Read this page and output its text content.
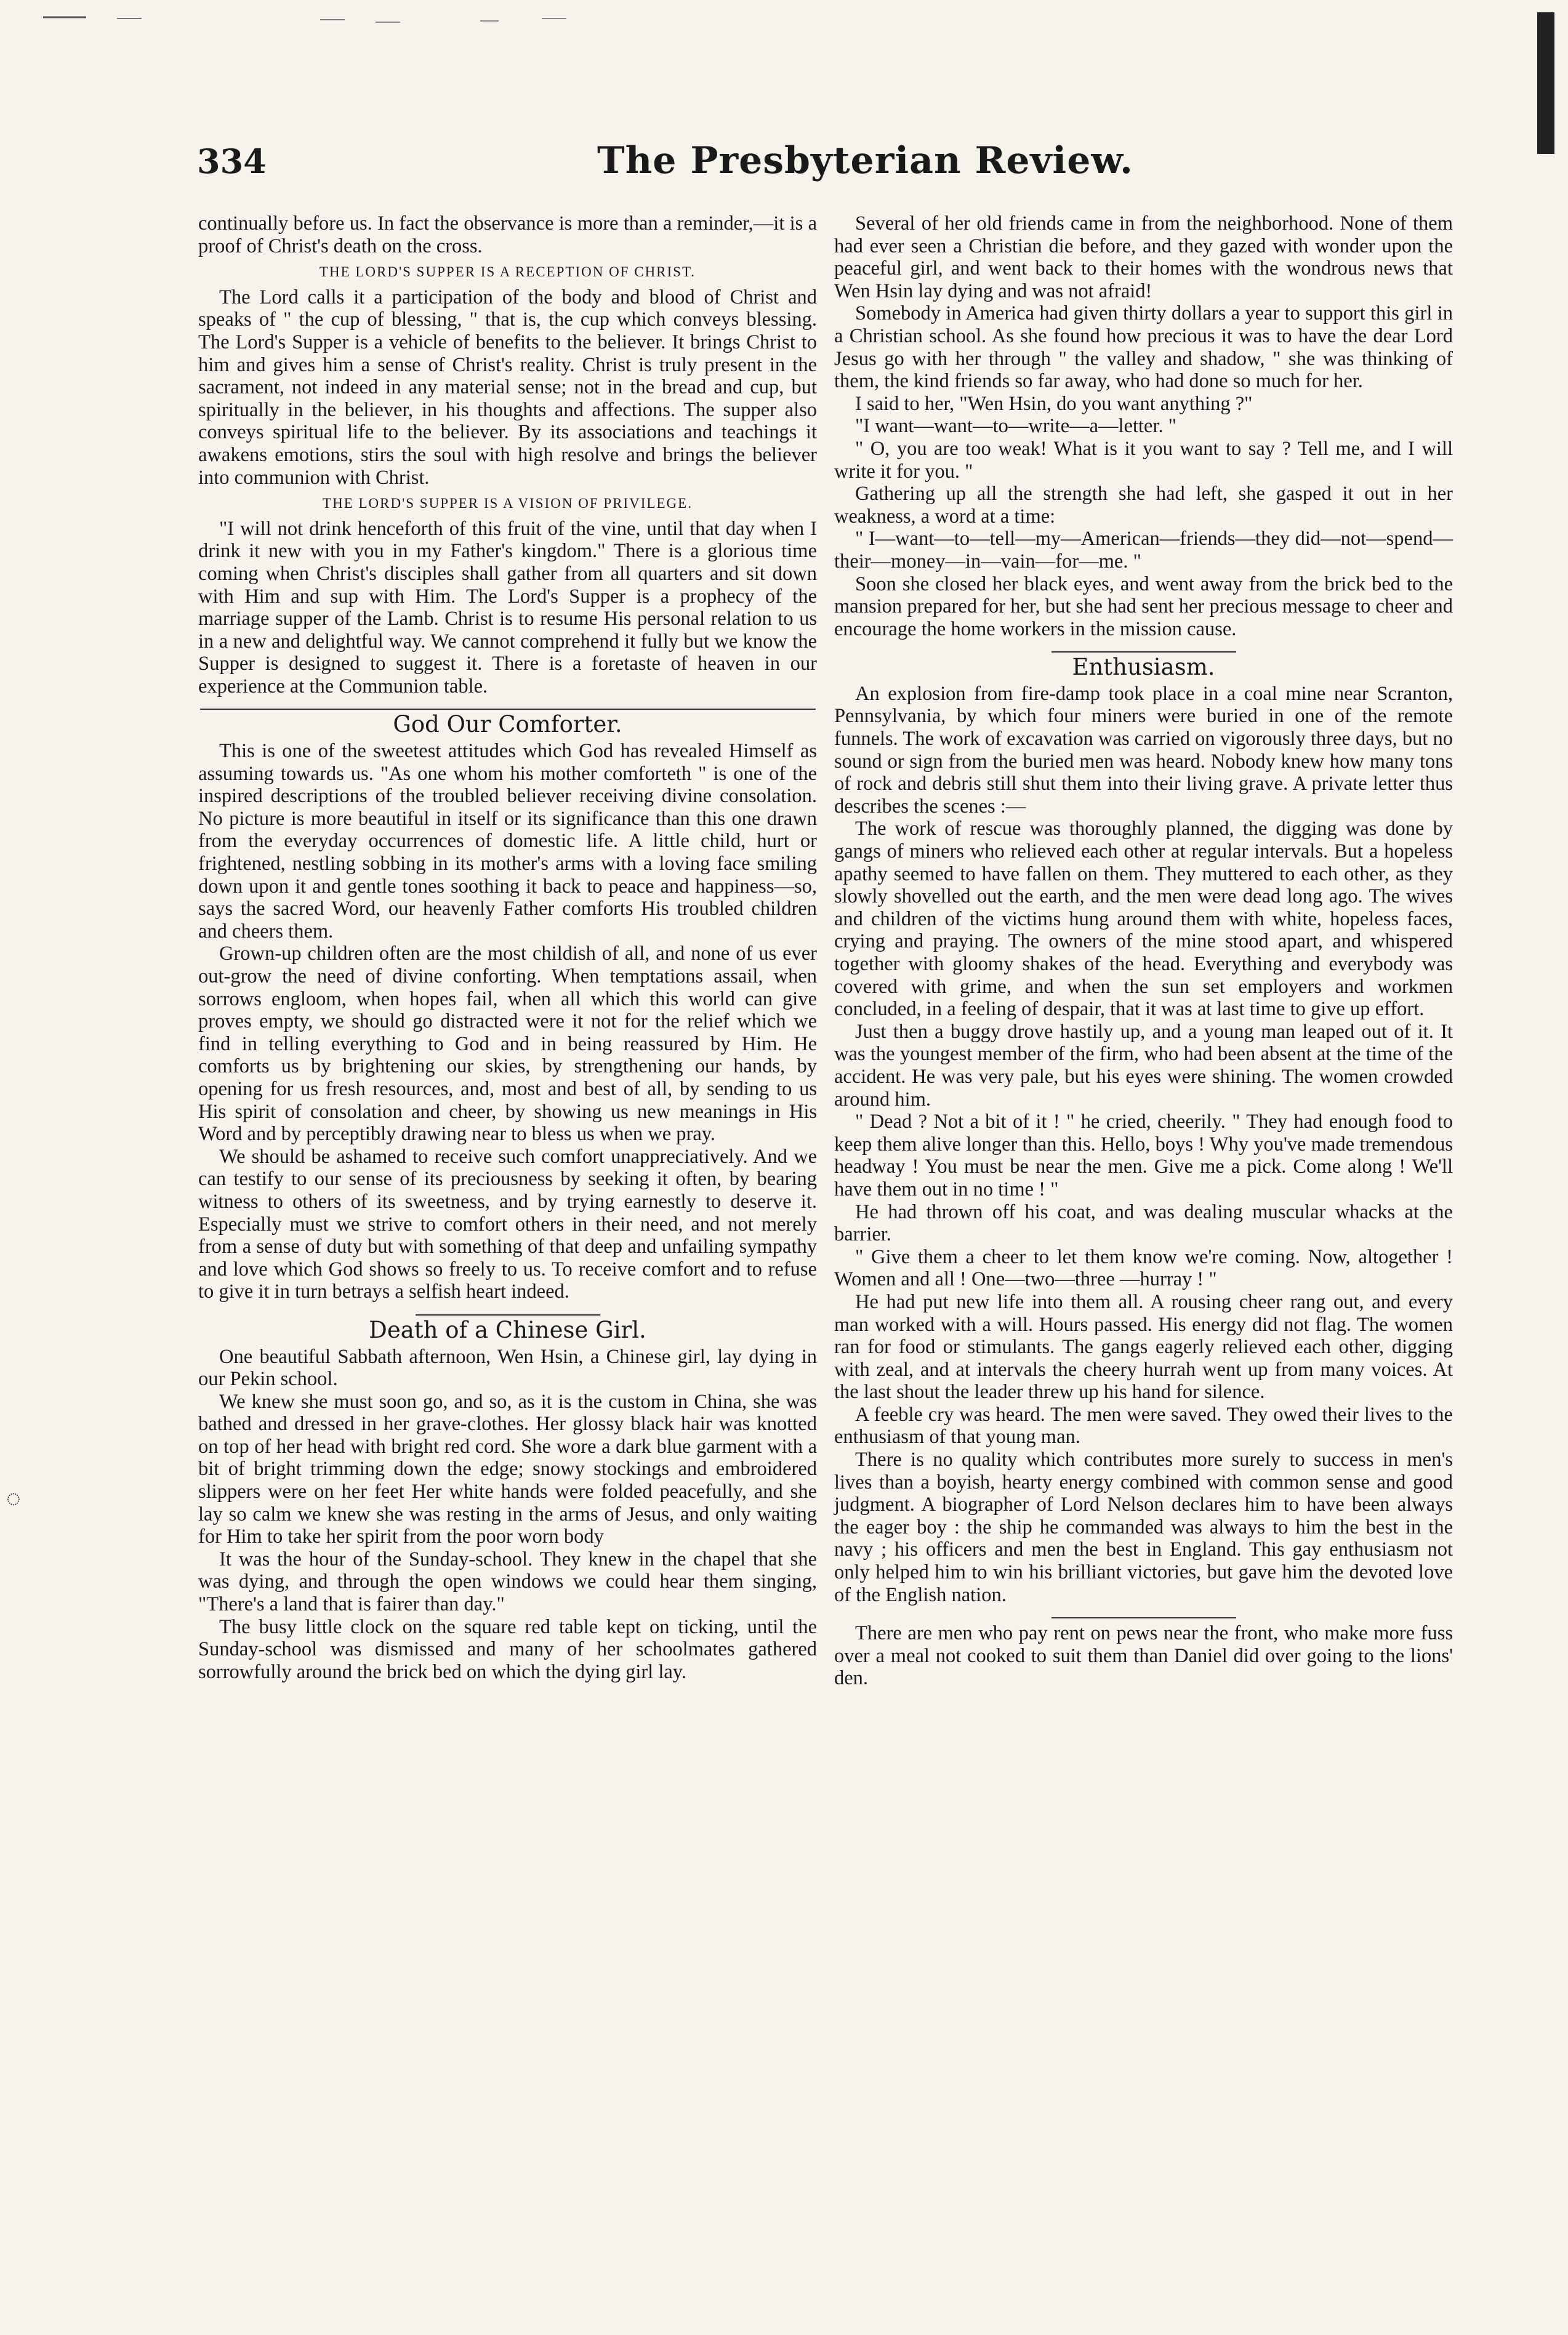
◌
334	The Presbyterian Review.

continually before us. In fact the observance is more than a reminder,—it is a proof of Christ's death on the cross.

THE LORD'S SUPPER IS A RECEPTION OF CHRIST.

The Lord calls it a participation of the body and blood of Christ and speaks of " the cup of blessing, " that is, the cup which conveys blessing. The Lord's Supper is a vehicle of benefits to the believer. It brings Christ to him and gives him a sense of Christ's reality. Christ is truly present in the sacrament, not indeed in any material sense; not in the bread and cup, but spiritually in the believer, in his thoughts and affections. The supper also conveys spiritual life to the believer. By its associations and teachings it awakens emotions, stirs the soul with high resolve and brings the believer into communion with Christ.

THE LORD'S SUPPER IS A VISION OF PRIVILEGE.

"I will not drink henceforth of this fruit of the vine, until that day when I drink it new with you in my Father's kingdom." There is a glorious time coming when Christ's disciples shall gather from all quarters and sit down with Him and sup with Him. The Lord's Supper is a prophecy of the marriage supper of the Lamb. Christ is to resume His personal relation to us in a new and delightful way. We cannot comprehend it fully but we know the Supper is designed to suggest it. There is a foretaste of heaven in our experience at the Communion table.

God Our Comforter.

This is one of the sweetest attitudes which God has revealed Himself as assuming towards us. "As one whom his mother comforteth " is one of the inspired descriptions of the troubled believer receiving divine consolation. No picture is more beautiful in itself or its significance than this one drawn from the everyday occurrences of domestic life. A little child, hurt or frightened, nestling sobbing in its mother's arms with a loving face smiling down upon it and gentle tones soothing it back to peace and happiness—so, says the sacred Word, our heavenly Father comforts His troubled children and cheers them.

Grown-up children often are the most childish of all, and none of us ever out-grow the need of divine conforting. When temptations assail, when sorrows engloom, when hopes fail, when all which this world can give proves empty, we should go distracted were it not for the relief which we find in telling everything to God and in being reassured by Him. He comforts us by brightening our skies, by strengthening our hands, by opening for us fresh resources, and, most and best of all, by sending to us His spirit of consolation and cheer, by showing us new meanings in His Word and by perceptibly drawing near to bless us when we pray.

We should be ashamed to receive such comfort unappreciatively. And we can testify to our sense of its preciousness by seeking it often, by bearing witness to others of its sweetness, and by trying earnestly to deserve it. Especially must we strive to comfort others in their need, and not merely from a sense of duty but with something of that deep and unfailing sympathy and love which God shows so freely to us. To receive comfort and to refuse to give it in turn betrays a selfish heart indeed.

Death of a Chinese Girl.

One beautiful Sabbath afternoon, Wen Hsin, a Chinese girl, lay dying in our Pekin school.

We knew she must soon go, and so, as it is the custom in China, she was bathed and dressed in her grave-clothes. Her glossy black hair was knotted on top of her head with bright red cord. She wore a dark blue garment with a bit of bright trimming down the edge; snowy stockings and embroidered slippers were on her feet Her white hands were folded peacefully, and she lay so calm we knew she was resting in the arms of Jesus, and only waiting for Him to take her spirit from the poor worn body

It was the hour of the Sunday-school. They knew in the chapel that she was dying, and through the open windows we could hear them singing, "There's a land that is fairer than day."

The busy little clock on the square red table kept on ticking, until the Sunday-school was dismissed and many of her schoolmates gathered sorrowfully around the brick bed on which the dying girl lay.

Several of her old friends came in from the neighborhood. None of them had ever seen a Christian die before, and they gazed with wonder upon the peaceful girl, and went back to their homes with the wondrous news that Wen Hsin lay dying and was not afraid!

Somebody in America had given thirty dollars a year to support this girl in a Christian school. As she found how precious it was to have the dear Lord Jesus go with her through " the valley and shadow, " she was thinking of them, the kind friends so far away, who had done so much for her.

I said to her, "Wen Hsin, do you want anything ?"

"I want—want—to—write—a—letter. "

" O, you are too weak! What is it you want to say ? Tell me, and I will write it for you. "

Gathering up all the strength she had left, she gasped it out in her weakness, a word at a time:

" I—want—to—tell—my—American—friends—they did—not—spend—their—money—in—vain—for—me. "

Soon she closed her black eyes, and went away from the brick bed to the mansion prepared for her, but she had sent her precious message to cheer and encourage the home workers in the mission cause.

Enthusiasm.

An explosion from fire-damp took place in a coal mine near Scranton, Pennsylvania, by which four miners were buried in one of the remote funnels. The work of excavation was carried on vigorously three days, but no sound or sign from the buried men was heard. Nobody knew how many tons of rock and debris still shut them into their living grave. A private letter thus describes the scenes :—

The work of rescue was thoroughly planned, the digging was done by gangs of miners who relieved each other at regular intervals. But a hopeless apathy seemed to have fallen on them. They muttered to each other, as they slowly shovelled out the earth, and the men were dead long ago. The wives and children of the victims hung around them with white, hopeless faces, crying and praying. The owners of the mine stood apart, and whispered together with gloomy shakes of the head. Everything and everybody was covered with grime, and when the sun set employers and workmen concluded, in a feeling of despair, that it was at last time to give up effort.

Just then a buggy drove hastily up, and a young man leaped out of it. It was the youngest member of the firm, who had been absent at the time of the accident. He was very pale, but his eyes were shining. The women crowded around him.

" Dead ? Not a bit of it ! " he cried, cheerily. " They had enough food to keep them alive longer than this. Hello, boys ! Why you've made tremendous headway ! You must be near the men. Give me a pick. Come along ! We'll have them out in no time ! "

He had thrown off his coat, and was dealing muscular whacks at the barrier.

" Give them a cheer to let them know we're coming. Now, altogether ! Women and all ! One—two—three —hurray ! "

He had put new life into them all. A rousing cheer rang out, and every man worked with a will. Hours passed. His energy did not flag. The women ran for food or stimulants. The gangs eagerly relieved each other, digging with zeal, and at intervals the cheery hurrah went up from many voices. At the last shout the leader threw up his hand for silence.

A feeble cry was heard. The men were saved. They owed their lives to the enthusiasm of that young man.

There is no quality which contributes more surely to success in men's lives than a boyish, hearty energy combined with common sense and good judgment. A biographer of Lord Nelson declares him to have been always the eager boy : the ship he commanded was always to him the best in the navy ; his officers and men the best in England. This gay enthusiasm not only helped him to win his brilliant victories, but gave him the devoted love of the English nation.

There are men who pay rent on pews near the front, who make more fuss over a meal not cooked to suit them than Daniel did over going to the lions' den.
